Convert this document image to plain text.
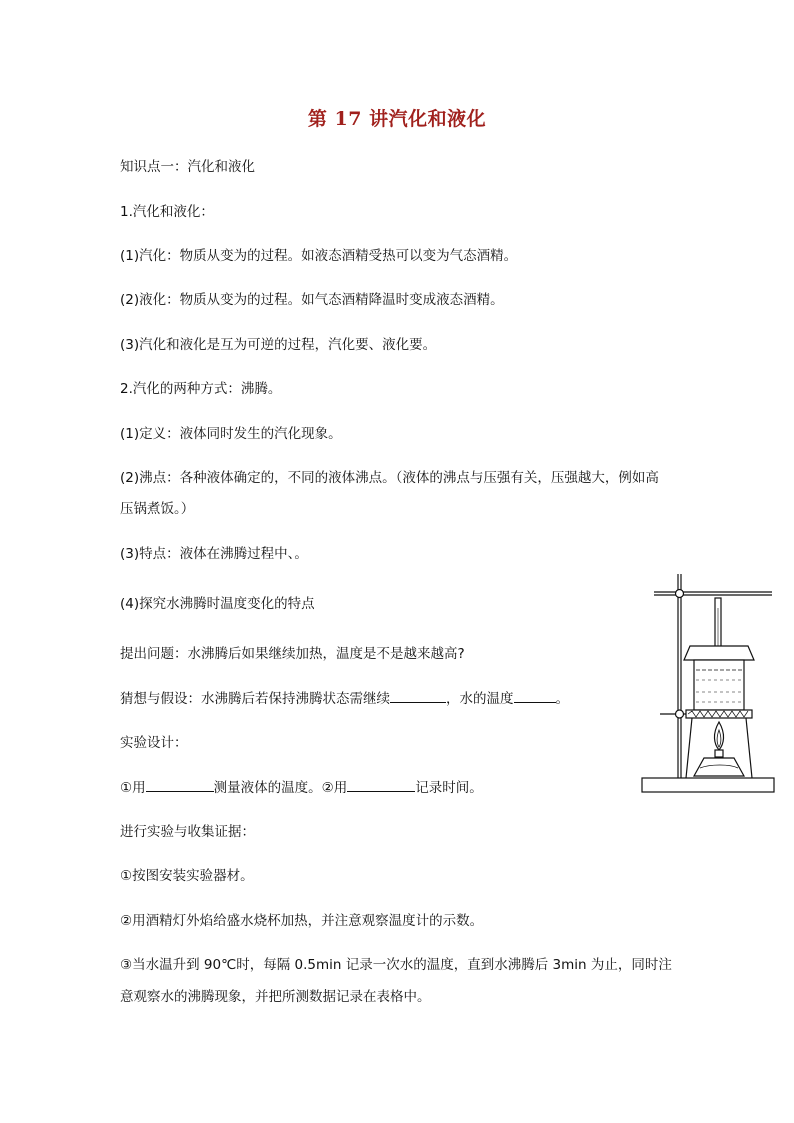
第 17 讲汽化和液化
知识点一：汽化和液化
1.汽化和液化：
(1)汽化：物质从变为的过程。如液态酒精受热可以变为气态酒精。
(2)液化：物质从变为的过程。如气态酒精降温时变成液态酒精。
(3)汽化和液化是互为可逆的过程，汽化要、液化要。
2.汽化的两种方式：沸腾。
(1)定义：液体同时发生的汽化现象。
(2)沸点：各种液体确定的，不同的液体沸点。（液体的沸点与压强有关，压强越大，例如高
压锅煮饭。）
(3)特点：液体在沸腾过程中、。
(4)探究水沸腾时温度变化的特点
提出问题：水沸腾后如果继续加热，温度是不是越来越高?
猜想与假设：水沸腾后若保持沸腾状态需继续	，水的温度	。
实验设计：
①用	测量液体的温度。②用	记录时间。
进行实验与收集证据：
①按图安装实验器材。
②用酒精灯外焰给盛水烧杯加热，并注意观察温度计的示数。
③当水温升到 90℃时，每隔 0.5min 记录一次水的温度，直到水沸腾后 3min 为止，同时注
意观察水的沸腾现象，并把所测数据记录在表格中。
